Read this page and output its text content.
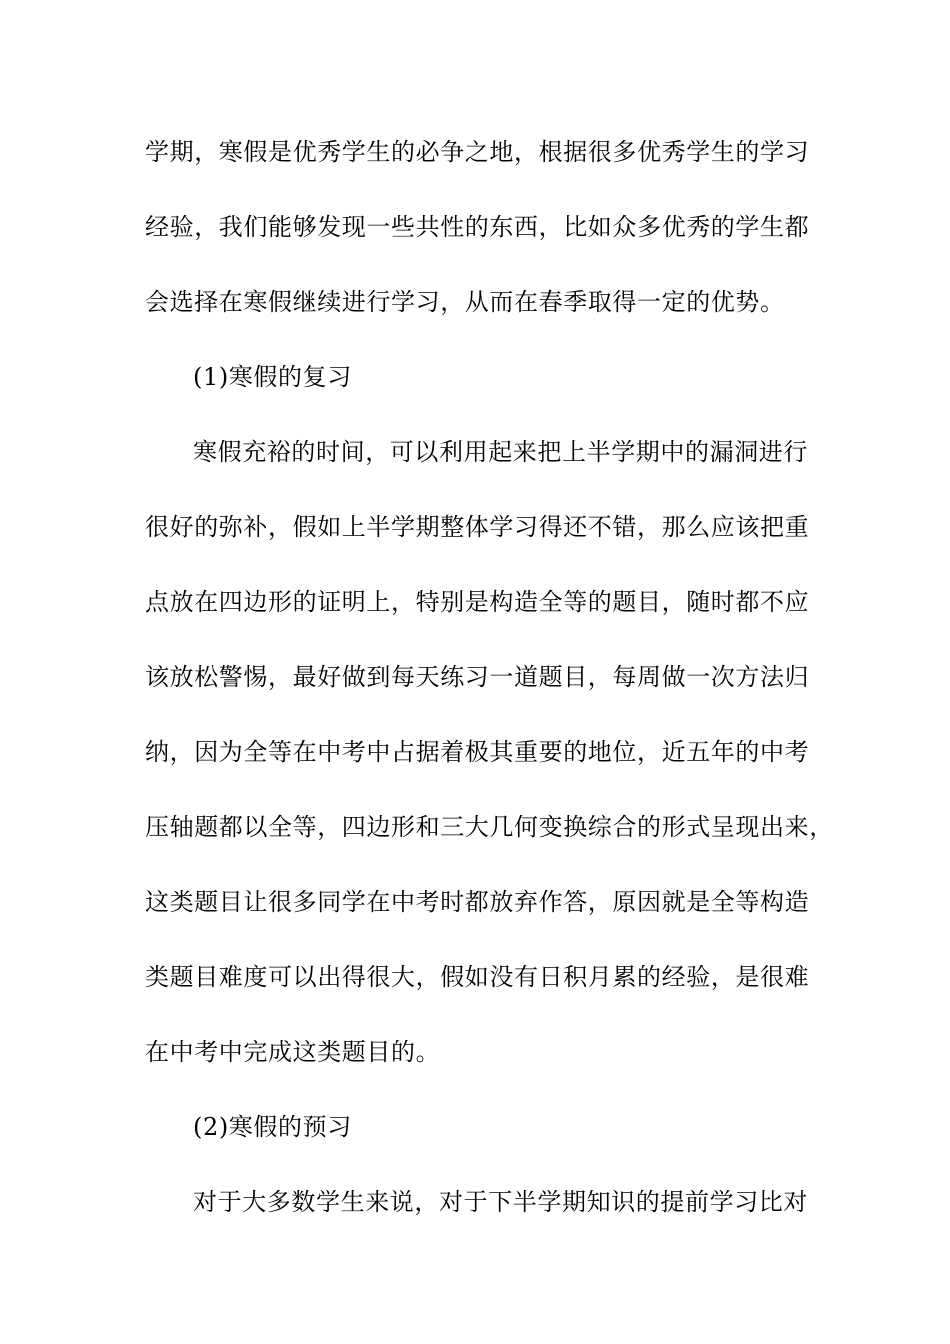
学期，寒假是优秀学生的必争之地，根据很多优秀学生的学习
经验，我们能够发现一些共性的东西，比如众多优秀的学生都
会选择在寒假继续进行学习，从而在春季取得一定的优势。
(1)寒假的复习
寒假充裕的时间，可以利用起来把上半学期中的漏洞进行
很好的弥补，假如上半学期整体学习得还不错，那么应该把重
点放在四边形的证明上，特别是构造全等的题目，随时都不应
该放松警惕，最好做到每天练习一道题目，每周做一次方法归
纳，因为全等在中考中占据着极其重要的地位，近五年的中考
压轴题都以全等，四边形和三大几何变换综合的形式呈现出来，
这类题目让很多同学在中考时都放弃作答，原因就是全等构造
类题目难度可以出得很大，假如没有日积月累的经验，是很难
在中考中完成这类题目的。
(2)寒假的预习
对于大多数学生来说，对于下半学期知识的提前学习比对
